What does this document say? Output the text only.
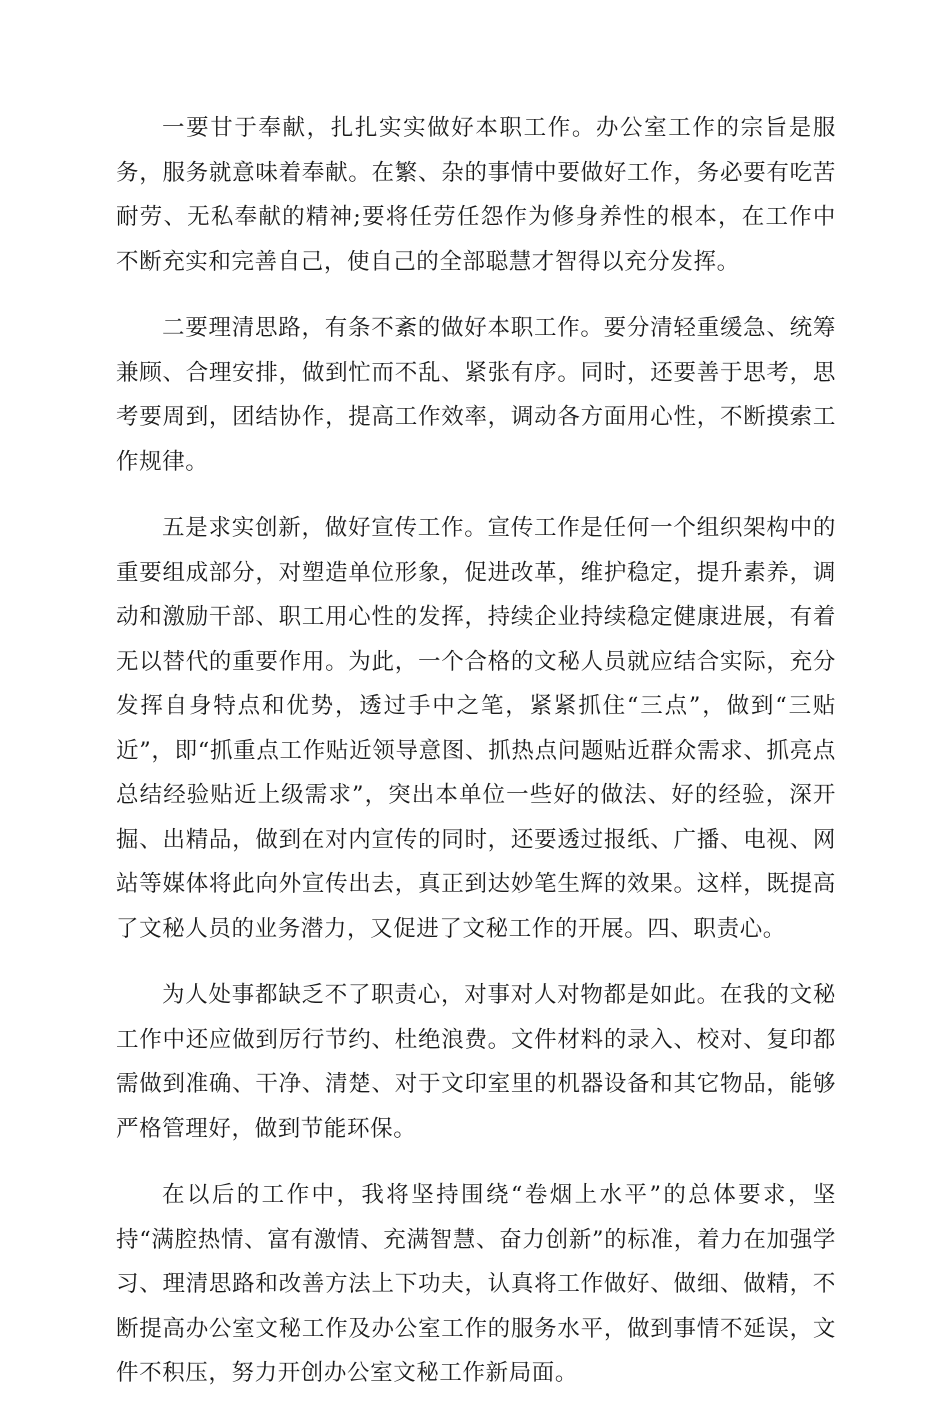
一要甘于奉献，扎扎实实做好本职工作。办公室工作的宗旨是服务，服务就意味着奉献。在繁、杂的事情中要做好工作，务必要有吃苦耐劳、无私奉献的精神;要将任劳任怨作为修身养性的根本，在工作中不断充实和完善自己，使自己的全部聪慧才智得以充分发挥。

二要理清思路，有条不紊的做好本职工作。要分清轻重缓急、统筹兼顾、合理安排，做到忙而不乱、紧张有序。同时，还要善于思考，思考要周到，团结协作，提高工作效率，调动各方面用心性，不断摸索工作规律。

五是求实创新，做好宣传工作。宣传工作是任何一个组织架构中的重要组成部分，对塑造单位形象，促进改革，维护稳定，提升素养，调动和激励干部、职工用心性的发挥，持续企业持续稳定健康进展，有着无以替代的重要作用。为此，一个合格的文秘人员就应结合实际，充分发挥自身特点和优势，透过手中之笔，紧紧抓住“三点”，做到“三贴近”，即“抓重点工作贴近领导意图、抓热点问题贴近群众需求、抓亮点总结经验贴近上级需求”，突出本单位一些好的做法、好的经验，深开掘、出精品，做到在对内宣传的同时，还要透过报纸、广播、电视、网站等媒体将此向外宣传出去，真正到达妙笔生辉的效果。这样，既提高了文秘人员的业务潜力，又促进了文秘工作的开展。四、职责心。

为人处事都缺乏不了职责心，对事对人对物都是如此。在我的文秘工作中还应做到厉行节约、杜绝浪费。文件材料的录入、校对、复印都需做到准确、干净、清楚、对于文印室里的机器设备和其它物品，能够严格管理好，做到节能环保。

在以后的工作中，我将坚持围绕“卷烟上水平”的总体要求，坚持“满腔热情、富有激情、充满智慧、奋力创新”的标准，着力在加强学习、理清思路和改善方法上下功夫，认真将工作做好、做细、做精，不断提高办公室文秘工作及办公室工作的服务水平，做到事情不延误，文件不积压，努力开创办公室文秘工作新局面。
